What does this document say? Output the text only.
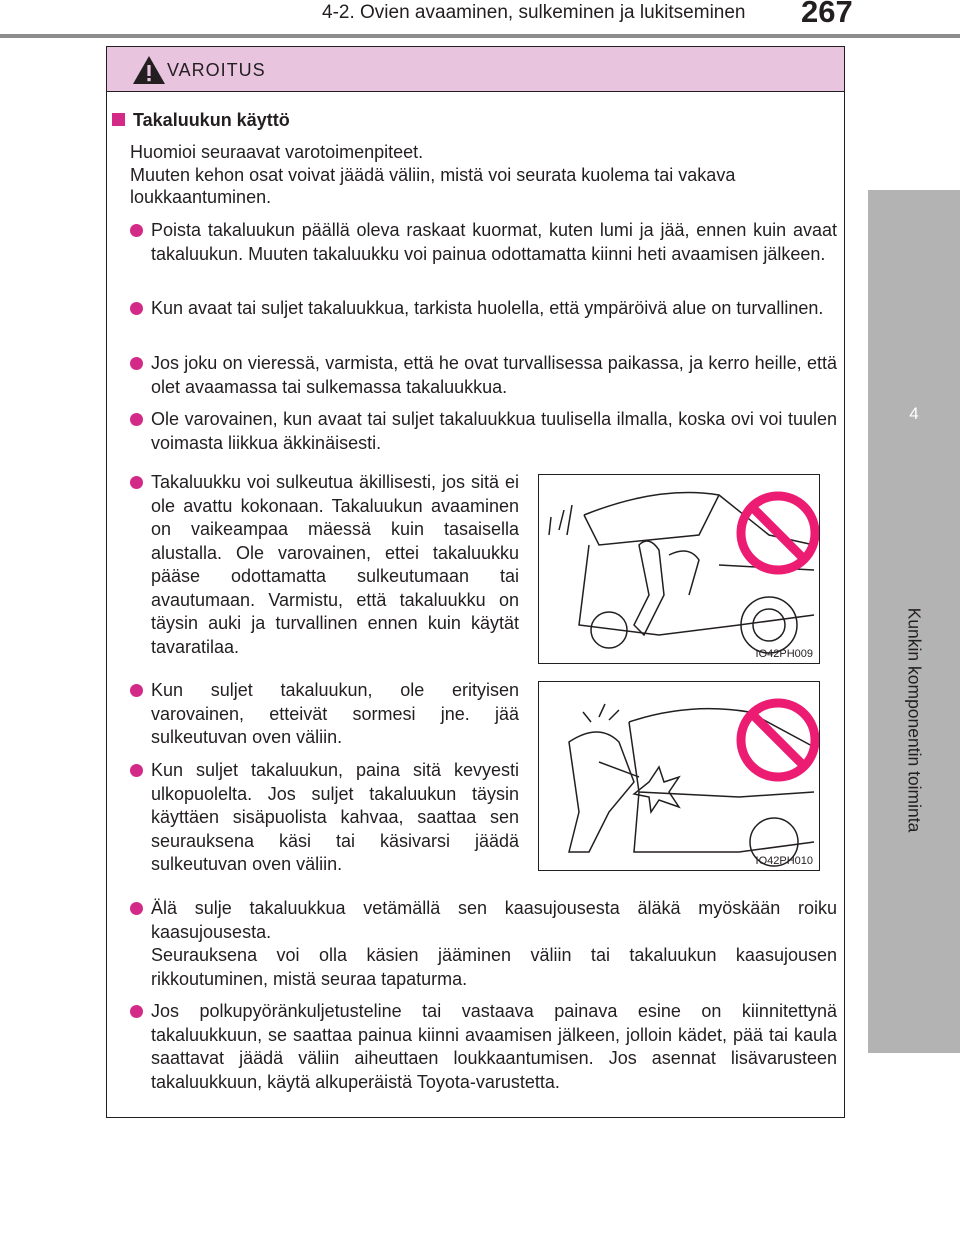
4-2. Ovien avaaminen, sulkeminen ja lukitseminen 267
4
Kunkin komponentin toiminta
VAROITUS
Takaluukun käyttö

Huomioi seuraavat varotoimenpiteet.

Muuten kehon osat voivat jäädä väliin, mistä voi seurata kuolema tai vakava loukkaantuminen.

Poista takaluukun päällä oleva raskaat kuormat, kuten lumi ja jää, ennen kuin avaat takaluukun. Muuten takaluukku voi painua odottamatta kiinni heti avaamisen jälkeen.
Kun avaat tai suljet takaluukkua, tarkista huolella, että ympäröivä alue on turvallinen.
Jos joku on vieressä, varmista, että he ovat turvallisessa paikassa, ja kerro heille, että olet avaamassa tai sulkemassa takaluukkua.
Ole varovainen, kun avaat tai suljet takaluukkua tuulisella ilmalla, koska ovi voi tuulen voimasta liikkua äkkinäisesti.
Takaluukku voi sulkeutua äkillisesti, jos sitä ei ole avattu kokonaan. Takaluukun avaaminen on vaikeampaa mäessä kuin tasaisella alustalla. Ole varovainen, ettei takaluukku pääse odottamatta sulkeutumaan tai avautumaan. Varmistu, että takaluukku on täysin auki ja turvallinen ennen kuin käytät tavaratilaa.	IO42PH009
Kun suljet takaluukun, ole erityisen varovainen, etteivät sormesi jne. jää sulkeutuvan oven väliin.
Kun suljet takaluukun, paina sitä kevyesti ulkopuolelta. Jos suljet takaluukun täysin käyttäen sisäpuolista kahvaa, saattaa sen seurauksena käsi tai käsivarsi jäädä sulkeutuvan oven väliin.	IO42PH010

Älä sulje takaluukkua vetämällä sen kaasujousesta äläkä myöskään roiku kaasujousesta.

Seurauksena voi olla käsien jääminen väliin tai takaluukun kaasujousen rikkoutuminen, mistä seuraa tapaturma.

Jos polkupyöränkuljetusteline tai vastaava painava esine on kiinnitettynä takaluukkuun, se saattaa painua kiinni avaamisen jälkeen, jolloin kädet, pää tai kaula saattavat jäädä väliin aiheuttaen loukkaantumisen. Jos asennat lisävarusteen takaluukkuun, käytä alkuperäistä Toyota-varustetta.
